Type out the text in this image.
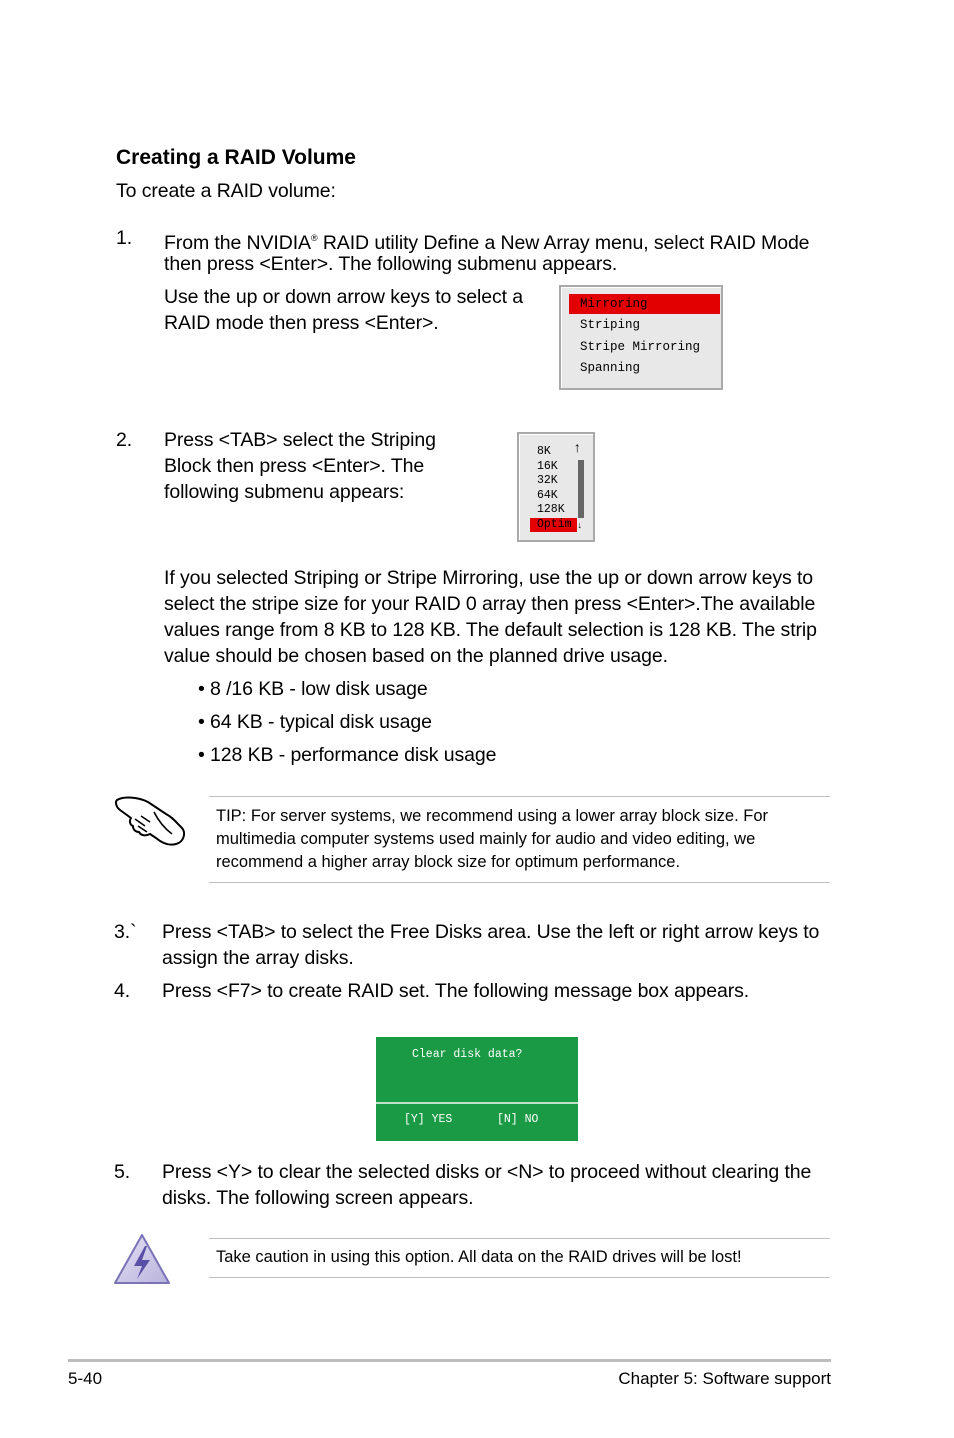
Creating a RAID Volume
To create a RAID volume:
1. From the NVIDIA® RAID utility Define a New Array menu, select RAID Mode
then press <Enter>. The following submenu appears.
Use the up or down arrow keys to select a
RAID mode then press <Enter>.
Mirroring
Striping
Stripe Mirroring
Spanning
2. Press <TAB> select the Striping
Block then press <Enter>. The
following submenu appears:
8K
16K
32K
64K
128K
Optim
↑
↓
If you selected Striping or Stripe Mirroring, use the up or down arrow keys to
select the stripe size for your RAID 0 array then press <Enter>.The available
values range from 8 KB to 128 KB. The default selection is 128 KB. The strip
value should be chosen based on the planned drive usage.
• 8 /16 KB - low disk usage
• 64 KB - typical disk usage
• 128 KB - performance disk usage
TIP: For server systems, we recommend using a lower array block size. For
multimedia computer systems used mainly for audio and video editing, we
recommend a higher array block size for optimum performance.
3.` Press <TAB> to select the Free Disks area. Use the left or right arrow keys to
assign the array disks.
4. Press <F7> to create RAID set. The following message box appears.
Clear disk data?
[Y] YES	[N] NO
5. Press <Y> to clear the selected disks or <N> to proceed without clearing the
disks. The following screen appears.
Take caution in using this option. All data on the RAID drives will be lost!
5-40	Chapter 5: Software support
